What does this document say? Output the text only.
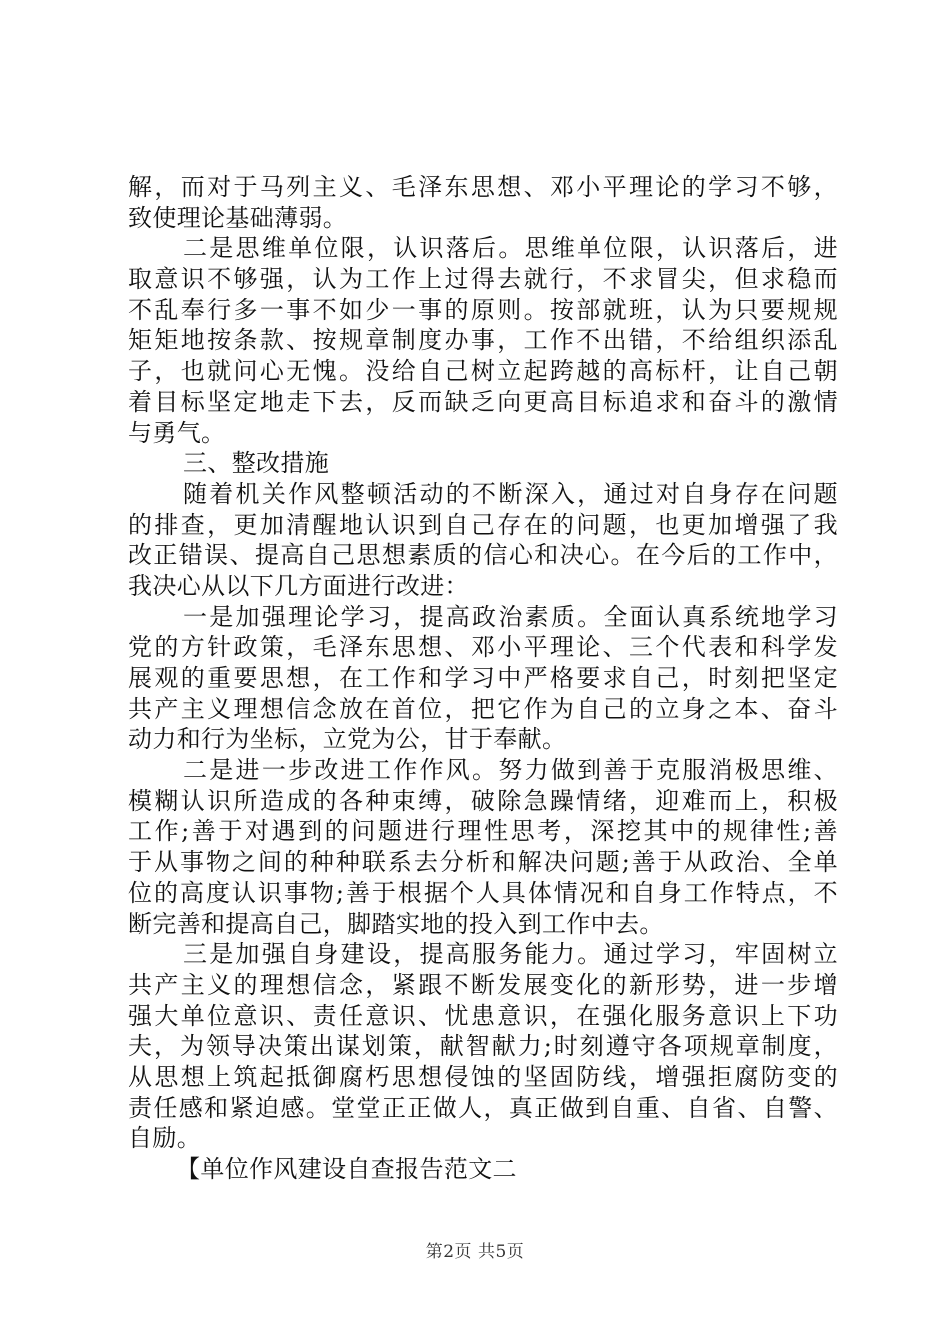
解，而对于马列主义、毛泽东思想、邓小平理论的学习不够，
致使理论基础薄弱。
二是思维单位限，认识落后。思维单位限，认识落后，进
取意识不够强，认为工作上过得去就行，不求冒尖，但求稳而
不乱奉行多一事不如少一事的原则。按部就班，认为只要规规
矩矩地按条款、按规章制度办事，工作不出错，不给组织添乱
子，也就问心无愧。没给自己树立起跨越的高标杆，让自己朝
着目标坚定地走下去，反而缺乏向更高目标追求和奋斗的激情
与勇气。
三、整改措施
随着机关作风整顿活动的不断深入，通过对自身存在问题
的排查，更加清醒地认识到自己存在的问题，也更加增强了我
改正错误、提高自己思想素质的信心和决心。在今后的工作中，
我决心从以下几方面进行改进：
一是加强理论学习，提高政治素质。全面认真系统地学习
党的方针政策，毛泽东思想、邓小平理论、三个代表和科学发
展观的重要思想，在工作和学习中严格要求自己，时刻把坚定
共产主义理想信念放在首位，把它作为自己的立身之本、奋斗
动力和行为坐标，立党为公，甘于奉献。
二是进一步改进工作作风。努力做到善于克服消极思维、
模糊认识所造成的各种束缚，破除急躁情绪，迎难而上，积极
工作;善于对遇到的问题进行理性思考，深挖其中的规律性;善
于从事物之间的种种联系去分析和解决问题;善于从政治、全单
位的高度认识事物;善于根据个人具体情况和自身工作特点，不
断完善和提高自己，脚踏实地的投入到工作中去。
三是加强自身建设，提高服务能力。通过学习，牢固树立
共产主义的理想信念，紧跟不断发展变化的新形势，进一步增
强大单位意识、责任意识、忧患意识，在强化服务意识上下功
夫，为领导决策出谋划策，献智献力;时刻遵守各项规章制度，
从思想上筑起抵御腐朽思想侵蚀的坚固防线，增强拒腐防变的
责任感和紧迫感。堂堂正正做人，真正做到自重、自省、自警、
自励。
【单位作风建设自查报告范文二
第2页 共5页
